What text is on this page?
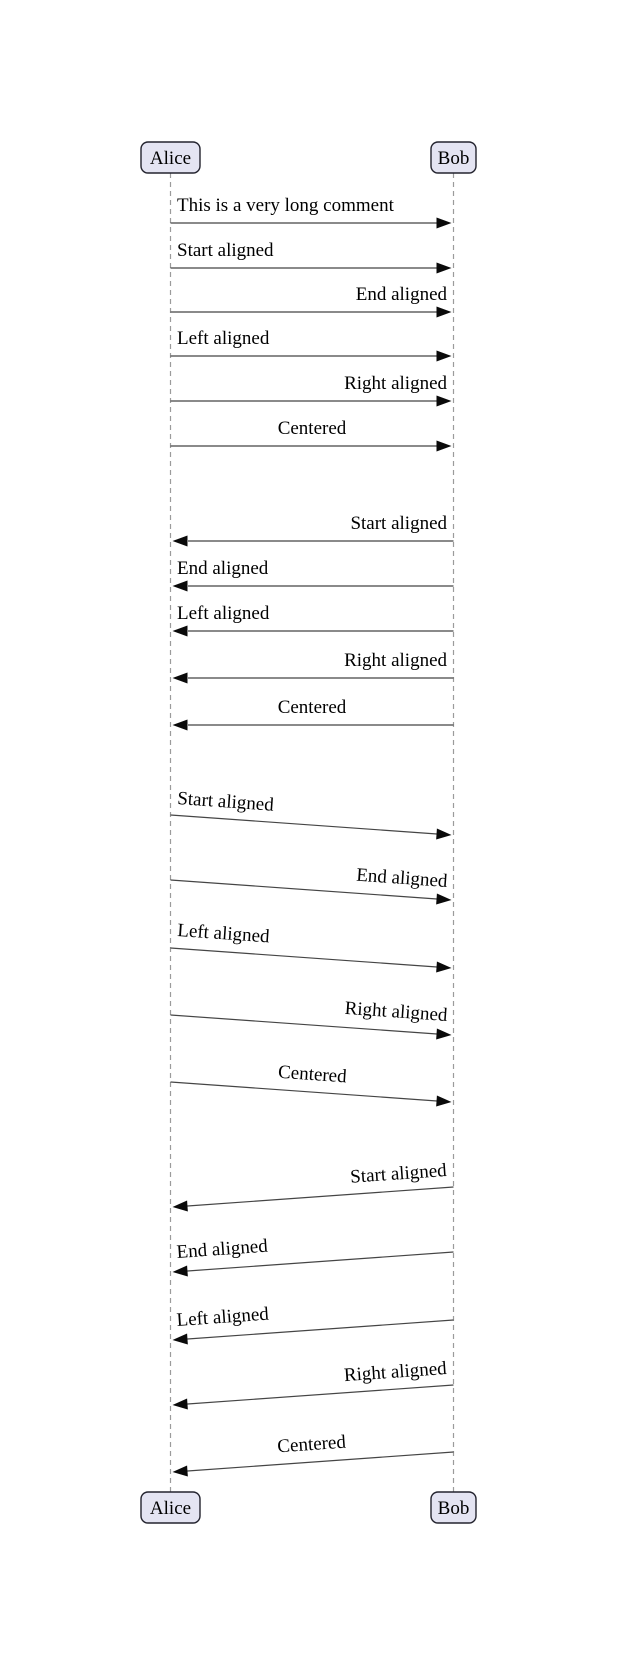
Alice	Bob
This is a very long comment
Start aligned
End aligned
Left aligned
Right aligned
Centered
Start aligned
End aligned
Left aligned
Right aligned
Centered
Start aligned
End aligned
Left aligned
Right aligned
Centered
Start aligned
End aligned
Left aligned
Right aligned
Centered
Alice	Bob
